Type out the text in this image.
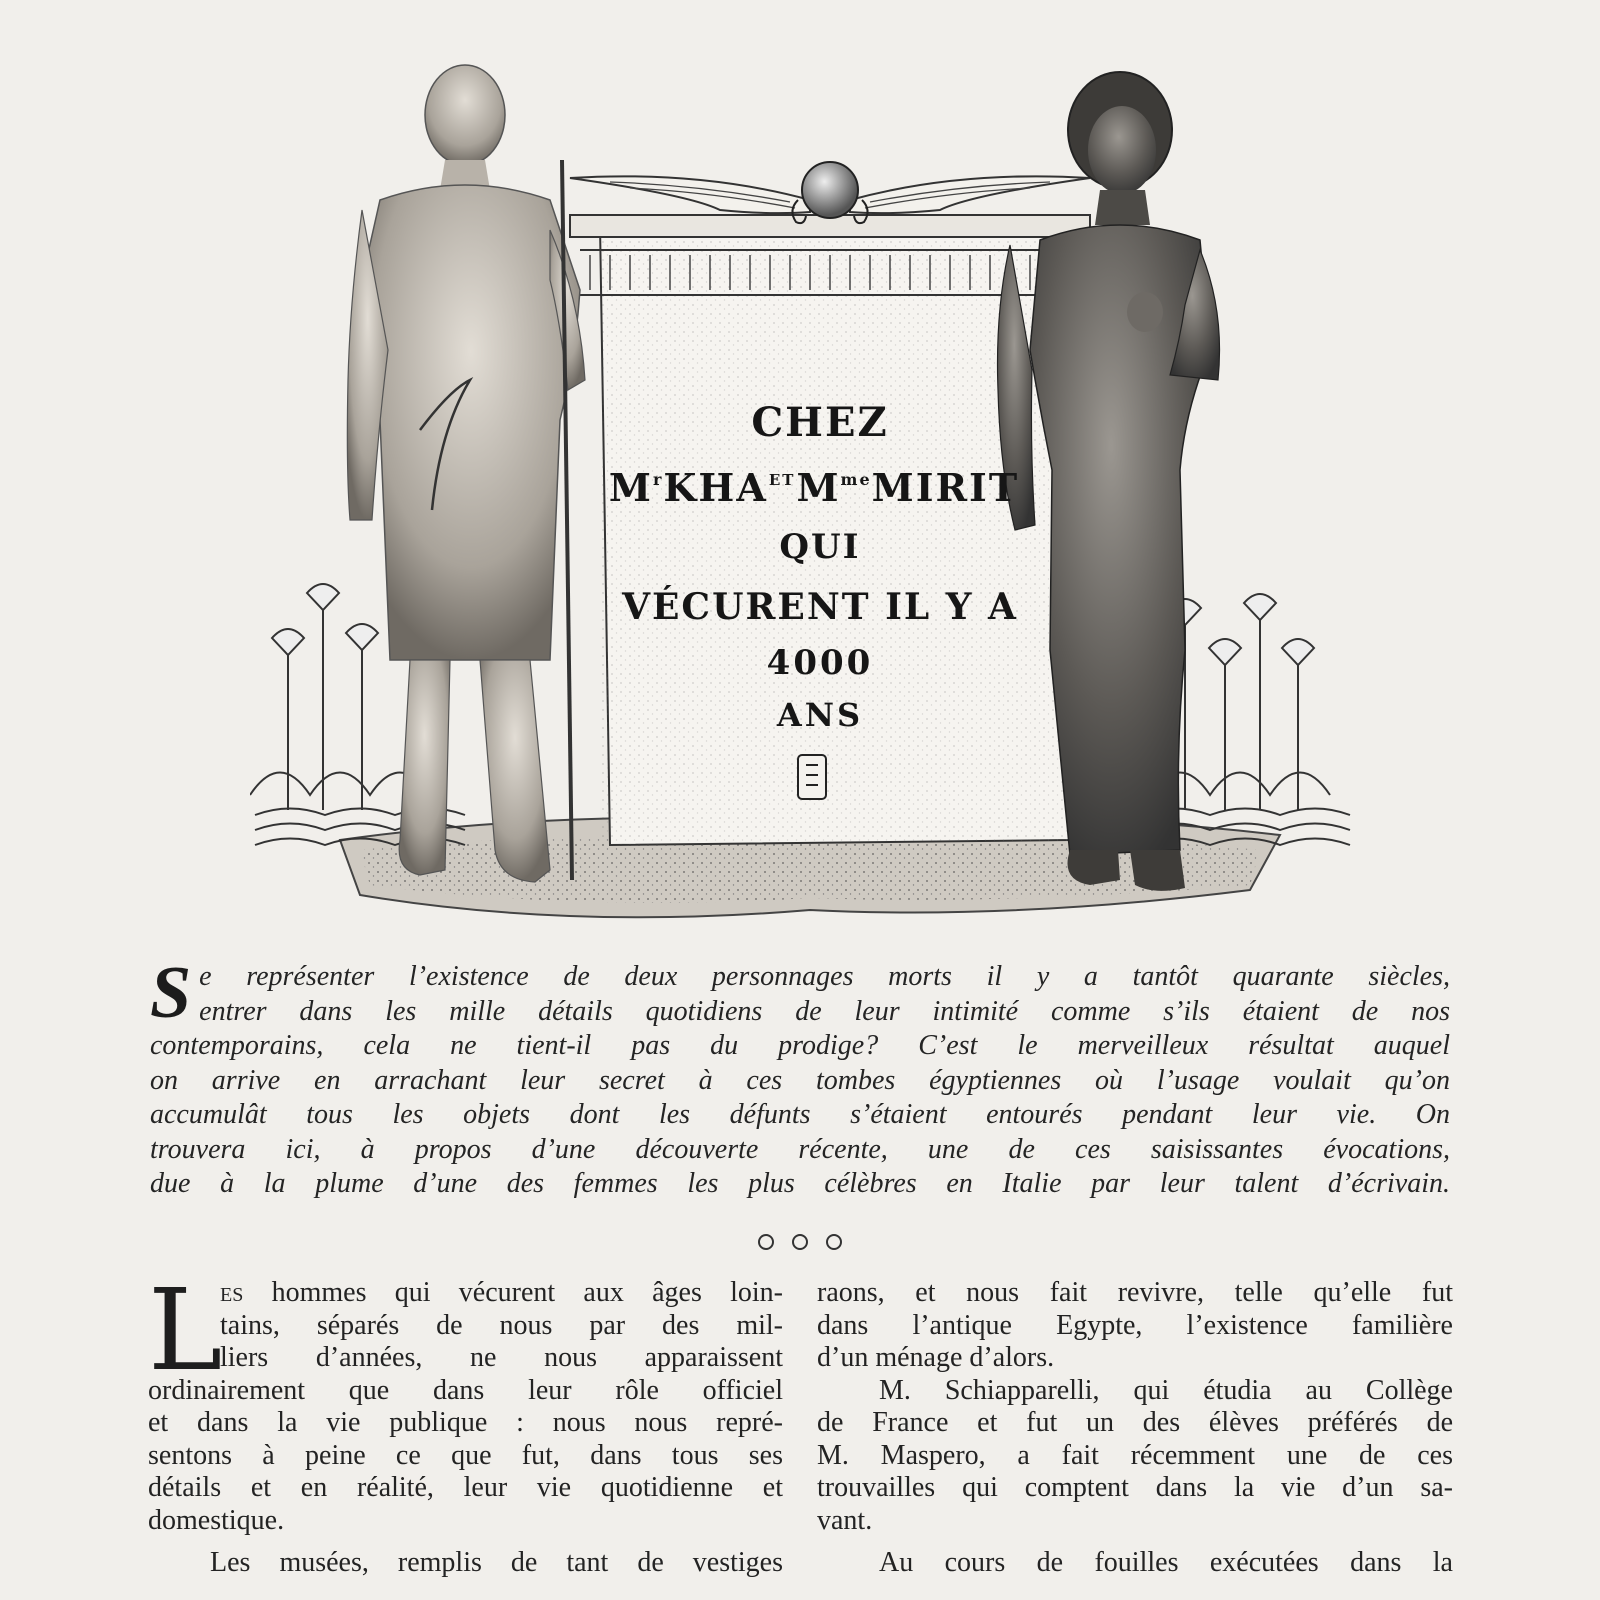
CHEZ
$M^rKHA^{ET}M^{me}MIRIT$
QUI
VÉCURENT IL Y A
4000
ANS
S e représenter l’existence de deux personnages morts il y a tantôt quarante siècles,
entrer dans les mille détails quotidiens de leur intimité comme s’ils étaient de nos
contemporains, cela ne tient-il pas du prodige? C’est le merveilleux résultat auquel
on arrive en arrachant leur secret à ces tombes égyptiennes où l’usage voulait qu’on
accumulât tous les objets dont les défunts s’étaient entourés pendant leur vie. On
trouvera ici, à propos d’une découverte récente, une de ces saisissantes évocations,
due à la plume d’une des femmes les plus célèbres en Italie par leur talent d’écrivain.
L
es hommes qui vécurent aux âges loin-
tains, séparés de nous par des mil-
liers d’années, ne nous apparaissent
ordinairement que dans leur rôle officiel
et dans la vie publique : nous nous repré-
sentons à peine ce que fut, dans tous ses
détails et en réalité, leur vie quotidienne et
domestique.
Les musées, remplis de tant de vestiges
raons, et nous fait revivre, telle qu’elle fut
dans l’antique Egypte, l’existence familière
d’un ménage d’alors.
M. Schiapparelli, qui étudia au Collège
de France et fut un des élèves préférés de
M. Maspero, a fait récemment une de ces
trouvailles qui comptent dans la vie d’un sa-
vant.
Au cours de fouilles exécutées dans la
